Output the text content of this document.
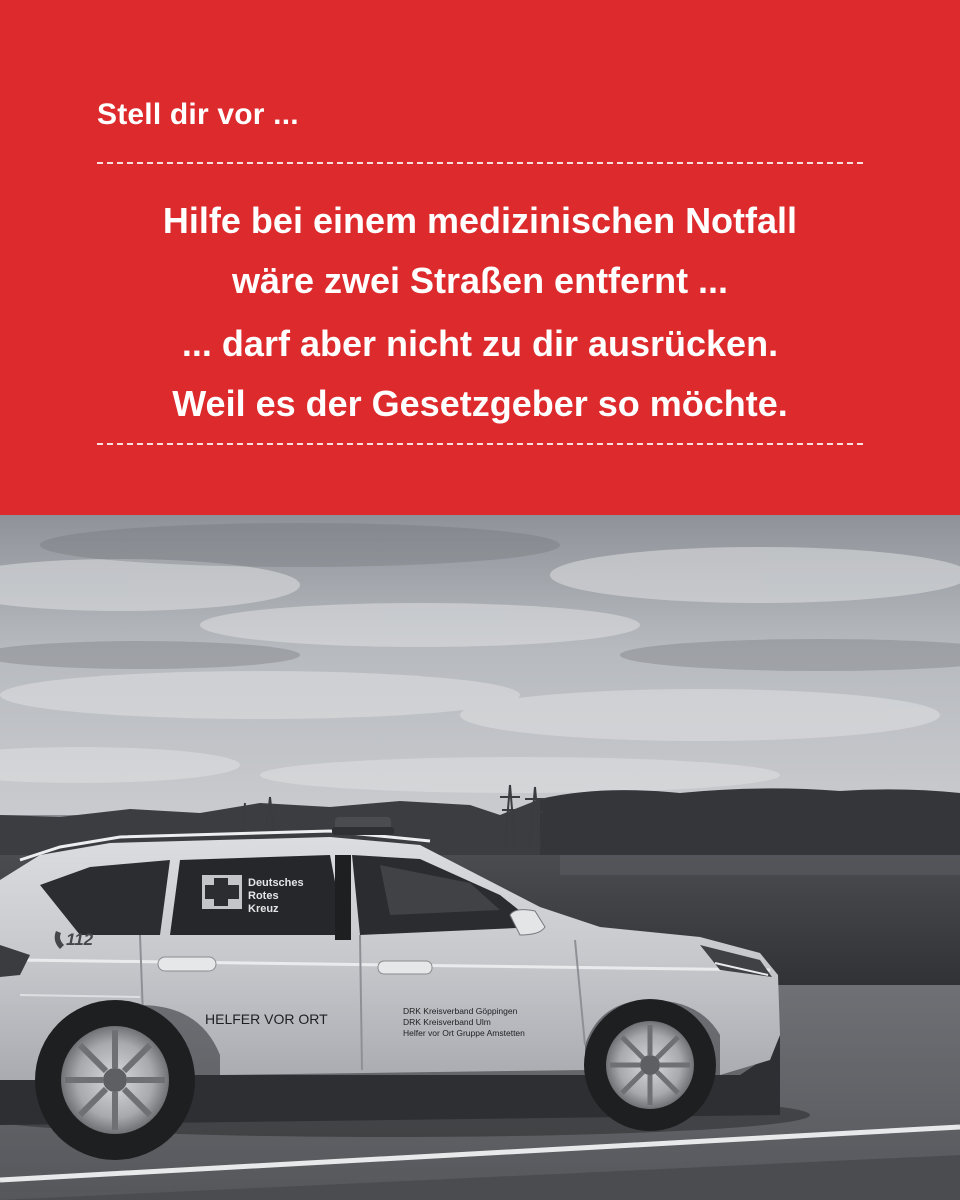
Stell dir vor ...
Hilfe bei einem medizinischen Notfall
wäre zwei Straßen entfernt ...
... darf aber nicht zu dir ausrücken.
Weil es der Gesetzgeber so möchte.
Deutsches
Rotes
Kreuz
112
HELFER VOR ORT	DRK Kreisverband Göppingen
DRK Kreisverband Ulm
Helfer vor Ort Gruppe Amstetten
